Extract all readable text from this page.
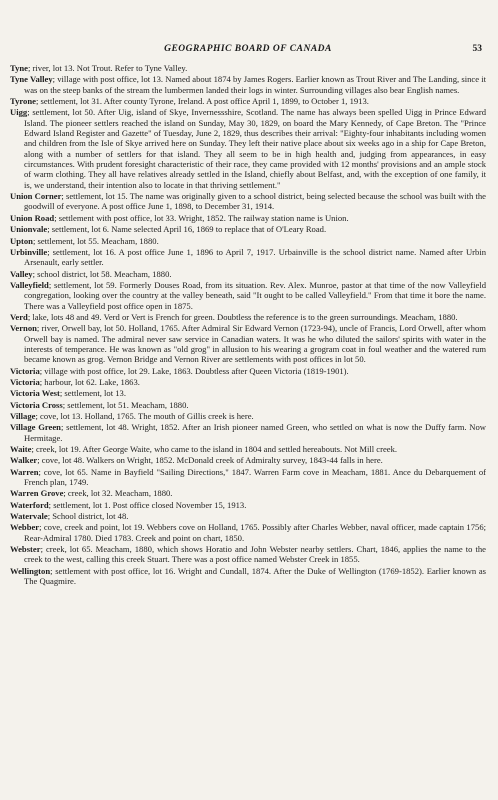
GEOGRAPHIC BOARD OF CANADA	53

Tyne; river, lot 13. Not Trout. Refer to Tyne Valley.

Tyne Valley; village with post office, lot 13. Named about 1874 by James Rogers. Earlier known as Trout River and The Landing, since it was on the steep banks of the stream the lumbermen landed their logs in winter. Surrounding villages also bear English names.

Tyrone; settlement, lot 31. After county Tyrone, Ireland. A post office April 1, 1899, to October 1, 1913.

Uigg; settlement, lot 50. After Uig, island of Skye, Invernessshire, Scotland. The name has always been spelled Uigg in Prince Edward Island. The pioneer settlers reached the island on Sunday, May 30, 1829, on board the Mary Kennedy, of Cape Breton. The "Prince Edward Island Register and Gazette" of Tuesday, June 2, 1829, thus describes their arrival: "Eighty-four inhabitants including women and children from the Isle of Skye arrived here on Sunday. They left their native place about six weeks ago in a ship for Cape Breton, along with a number of settlers for that island. They all seem to be in high health and, judging from appearances, in easy circumstances. With prudent foresight characteristic of their race, they came provided with 12 months' provisions and an ample stock of warm clothing. They all have relatives already settled in the Island, chiefly about Belfast, and, with the exception of one family, it is, we understand, their intention also to locate in that thriving settlement."

Union Corner; settlement, lot 15. The name was originally given to a school district, being selected because the school was built with the goodwill of everyone. A post office June 1, 1898, to December 31, 1914.

Union Road; settlement with post office, lot 33. Wright, 1852. The railway station name is Union.

Unionvale; settlement, lot 6. Name selected April 16, 1869 to replace that of O'Leary Road.

Upton; settlement, lot 55. Meacham, 1880.

Urbinville; settlement, lot 16. A post office June 1, 1896 to April 7, 1917. Urbainville is the school district name. Named after Urbin Arsenault, early settler.

Valley; school district, lot 58. Meacham, 1880.

Valleyfield; settlement, lot 59. Formerly Douses Road, from its situation. Rev. Alex. Munroe, pastor at that time of the now Valleyfield congregation, looking over the country at the valley beneath, said "It ought to be called Valleyfield." From that time it bore the name. There was a Valleyfield post office open in 1875.

Verd; lake, lots 48 and 49. Verd or Vert is French for green. Doubtless the reference is to the green surroundings. Meacham, 1880.

Vernon; river, Orwell bay, lot 50. Holland, 1765. After Admiral Sir Edward Vernon (1723-94), uncle of Francis, Lord Orwell, after whom Orwell bay is named. The admiral never saw service in Canadian waters. It was he who diluted the sailors' spirits with water in the interests of temperance. He was known as "old grog" in allusion to his wearing a grogram coat in foul weather and the watered rum became known as grog. Vernon Bridge and Vernon River are settlements with post offices in lot 50.

Victoria; village with post office, lot 29. Lake, 1863. Doubtless after Queen Victoria (1819-1901).

Victoria; harbour, lot 62. Lake, 1863.

Victoria West; settlement, lot 13.

Victoria Cross; settlement, lot 51. Meacham, 1880.

Village; cove, lot 13. Holland, 1765. The mouth of Gillis creek is here.

Village Green; settlement, lot 48. Wright, 1852. After an Irish pioneer named Green, who settled on what is now the Duffy farm. Now Hermitage.

Waite; creek, lot 19. After George Waite, who came to the island in 1804 and settled hereabouts. Not Mill creek.

Walker; cove, lot 48. Walkers on Wright, 1852. McDonald creek of Admiralty survey, 1843-44 falls in here.

Warren; cove, lot 65. Name in Bayfield "Sailing Directions," 1847. Warren Farm cove in Meacham, 1881. Ance du Debarquement of French plan, 1749.

Warren Grove; creek, lot 32. Meacham, 1880.

Waterford; settlement, lot 1. Post office closed November 15, 1913.

Watervale; School district, lot 48.

Webber; cove, creek and point, lot 19. Webbers cove on Holland, 1765. Possibly after Charles Webber, naval officer, made captain 1756; Rear-Admiral 1780. Died 1783. Creek and point on chart, 1850.

Webster; creek, lot 65. Meacham, 1880, which shows Horatio and John Webster nearby settlers. Chart, 1846, applies the name to the creek to the west, calling this creek Stuart. There was a post office named Webster Creek in 1855.

Wellington; settlement with post office, lot 16. Wright and Cundall, 1874. After the Duke of Wellington (1769-1852). Earlier known as The Quagmire.
